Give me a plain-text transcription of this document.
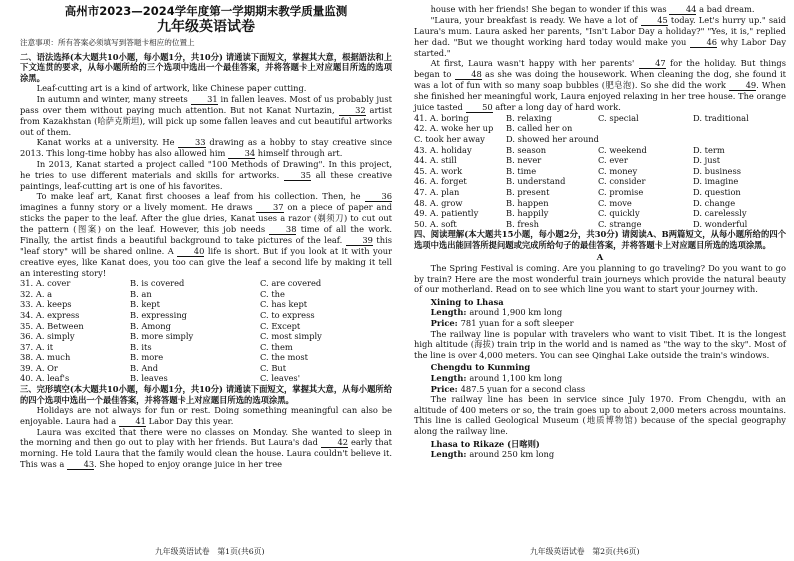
高州市2023—2024学年度第一学期期末教学质量监测
九年级英语试卷
注意事项：所有答案必须填写到答题卡相应的位置上
二、语法选择(本大题共10小题，每小题1分，共10分) 请通读下面短文，掌握其大意，根据語法和上下文连贯的要求，从每小题所给的三个选项中选出一个最佳答案，并将答题卡上对应题目所选的选项涂黑。
Leaf-cutting art is a kind of artwork, like Chinese paper cutting.
In autumn and winter, many streets 31 in fallen leaves. Most of us probably just pass over them without paying much attention. But not Kanat Nurtazin, 32 artist from Kazakhstan (哈萨克斯坦), will pick up some fallen leaves and cut beautiful artworks out of them.
Kanat works at a university. He 33 drawing as a hobby to stay creative since 2013. This long-time hobby has also allowed him 34 himself through art.
In 2013, Kanat started a project called "100 Methods of Drawing". In this project, he tries to use different materials and skills for artworks. 35 all these creative paintings, leaf-cutting art is one of his favorites.
To make leaf art, Kanat first chooses a leaf from his collection. Then, he 36 imagines a funny story or a lively moment. He draws 37 on a piece of paper and sticks the paper to the leaf. After the glue dries, Kanat uses a razor (剃须刀) to cut out the pattern (图案) on the leaf. However, this job needs 38 time of all the work. Finally, the artist finds a beautiful background to take pictures of the leaf. 39 this "leaf story" will be shared online. A 40 life is short. But if you look at it with your creative eyes, like Kanat does, you too can give the leaf a second life by making it tell an interesting story!
31. A. cover	B. is covered	C. are covered
32. A. a	B. an	C. the
33. A. keeps	B. kept	C. has kept
34. A. express	B. expressing	C. to express
35. A. Between	B. Among	C. Except
36. A. simply	B. more simply	C. most simply
37. A. it	B. its	C. them
38. A. much	B. more	C. the most
39. A. Or	B. And	C. But
40. A. leaf's	B. leaves	C. leaves'
三、完形填空(本大题共10小题，每小题1分，共10分) 请通读下面短文，掌握其大意，从每小题所给的四个选项中选出一个最佳答案，并将答题卡上对应题目所选的选项涂黑。
Holidays are not always for fun or rest. Doing something meaningful can also be enjoyable. Laura had a 41 Labor Day this year.
Laura was excited that there were no classes on Monday. She wanted to sleep in the morning and then go out to play with her friends. But Laura's dad 42 early that morning. He told Laura that the family would clean the house. Laura couldn't believe it. This was a 43. She hoped to enjoy orange juice in her tree
house with her friends! She began to wonder if this was 44 a bad dream.
"Laura, your breakfast is ready. We have a lot of 45 today. Let's hurry up." said Laura's mum. Laura asked her parents, "Isn't Labor Day a holiday?" "Yes, it is," replied her dad. "But we thought working hard today would make you 46 why Labor Day started."
At first, Laura wasn't happy with her parents' 47 for the holiday. But things began to 48 as she was doing the housework. When cleaning the dog, she found it was a lot of fun with so many soap bubbles (肥皂泡). So she did the work 49. When she finished her meaningful work, Laura enjoyed relaxing in her tree house. The orange juice tasted 50 after a long day of hard work.
41. A. boring	B. relaxing	C. special	D. traditional
42. A. woke her up	B. called her on
C. took her away	D. showed her around
43. A. holiday	B. season	C. weekend	D. term
44. A. still	B. never	C. ever	D. just
45. A. work	B. time	C. money	D. business
46. A. forget	B. understand	C. consider	D. imagine
47. A. plan	B. present	C. promise	D. question
48. A. grow	B. happen	C. move	D. change
49. A. patiently	B. happily	C. quickly	D. carelessly
50. A. soft	B. fresh	C. strange	D. wonderful
四、阅读理解(本大题共15小题，每小题2分，共30分) 请阅读A、B两篇短文，从每小题所给的四个选项中选出能回答所提问题或完成所给句子的最佳答案，并将答题卡上对应题目所选的选项涂黑。
A
The Spring Festival is coming. Are you planning to go traveling? Do you want to go by train? Here are the most wonderful train journeys which provide the natural beauty of our motherland. Read on to see which line you want to start your journey with.
Xining to Lhasa
Length: around 1,900 km long
Price: 781 yuan for a soft sleeper
The railway line is popular with travelers who want to visit Tibet. It is the longest high altitude (海拔) train trip in the world and is named as "the way to the sky". Most of the line is over 4,000 meters. You can see Qinghai Lake outside the train's windows.
Chengdu to Kunming
Length: around 1,100 km long
Price: 487.5 yuan for a second class
The railway line has been in service since July 1970. From Chengdu, with an altitude of 400 meters or so, the train goes up to about 2,000 meters across mountains. This line is called Geological Museum (地质博物馆) because of the special geography along the railway line.
Lhasa to Rikaze (日喀则)
Length: around 250 km long
九年级英语试卷　第1页(共6页)	九年级英语试卷　第2页(共6页)
